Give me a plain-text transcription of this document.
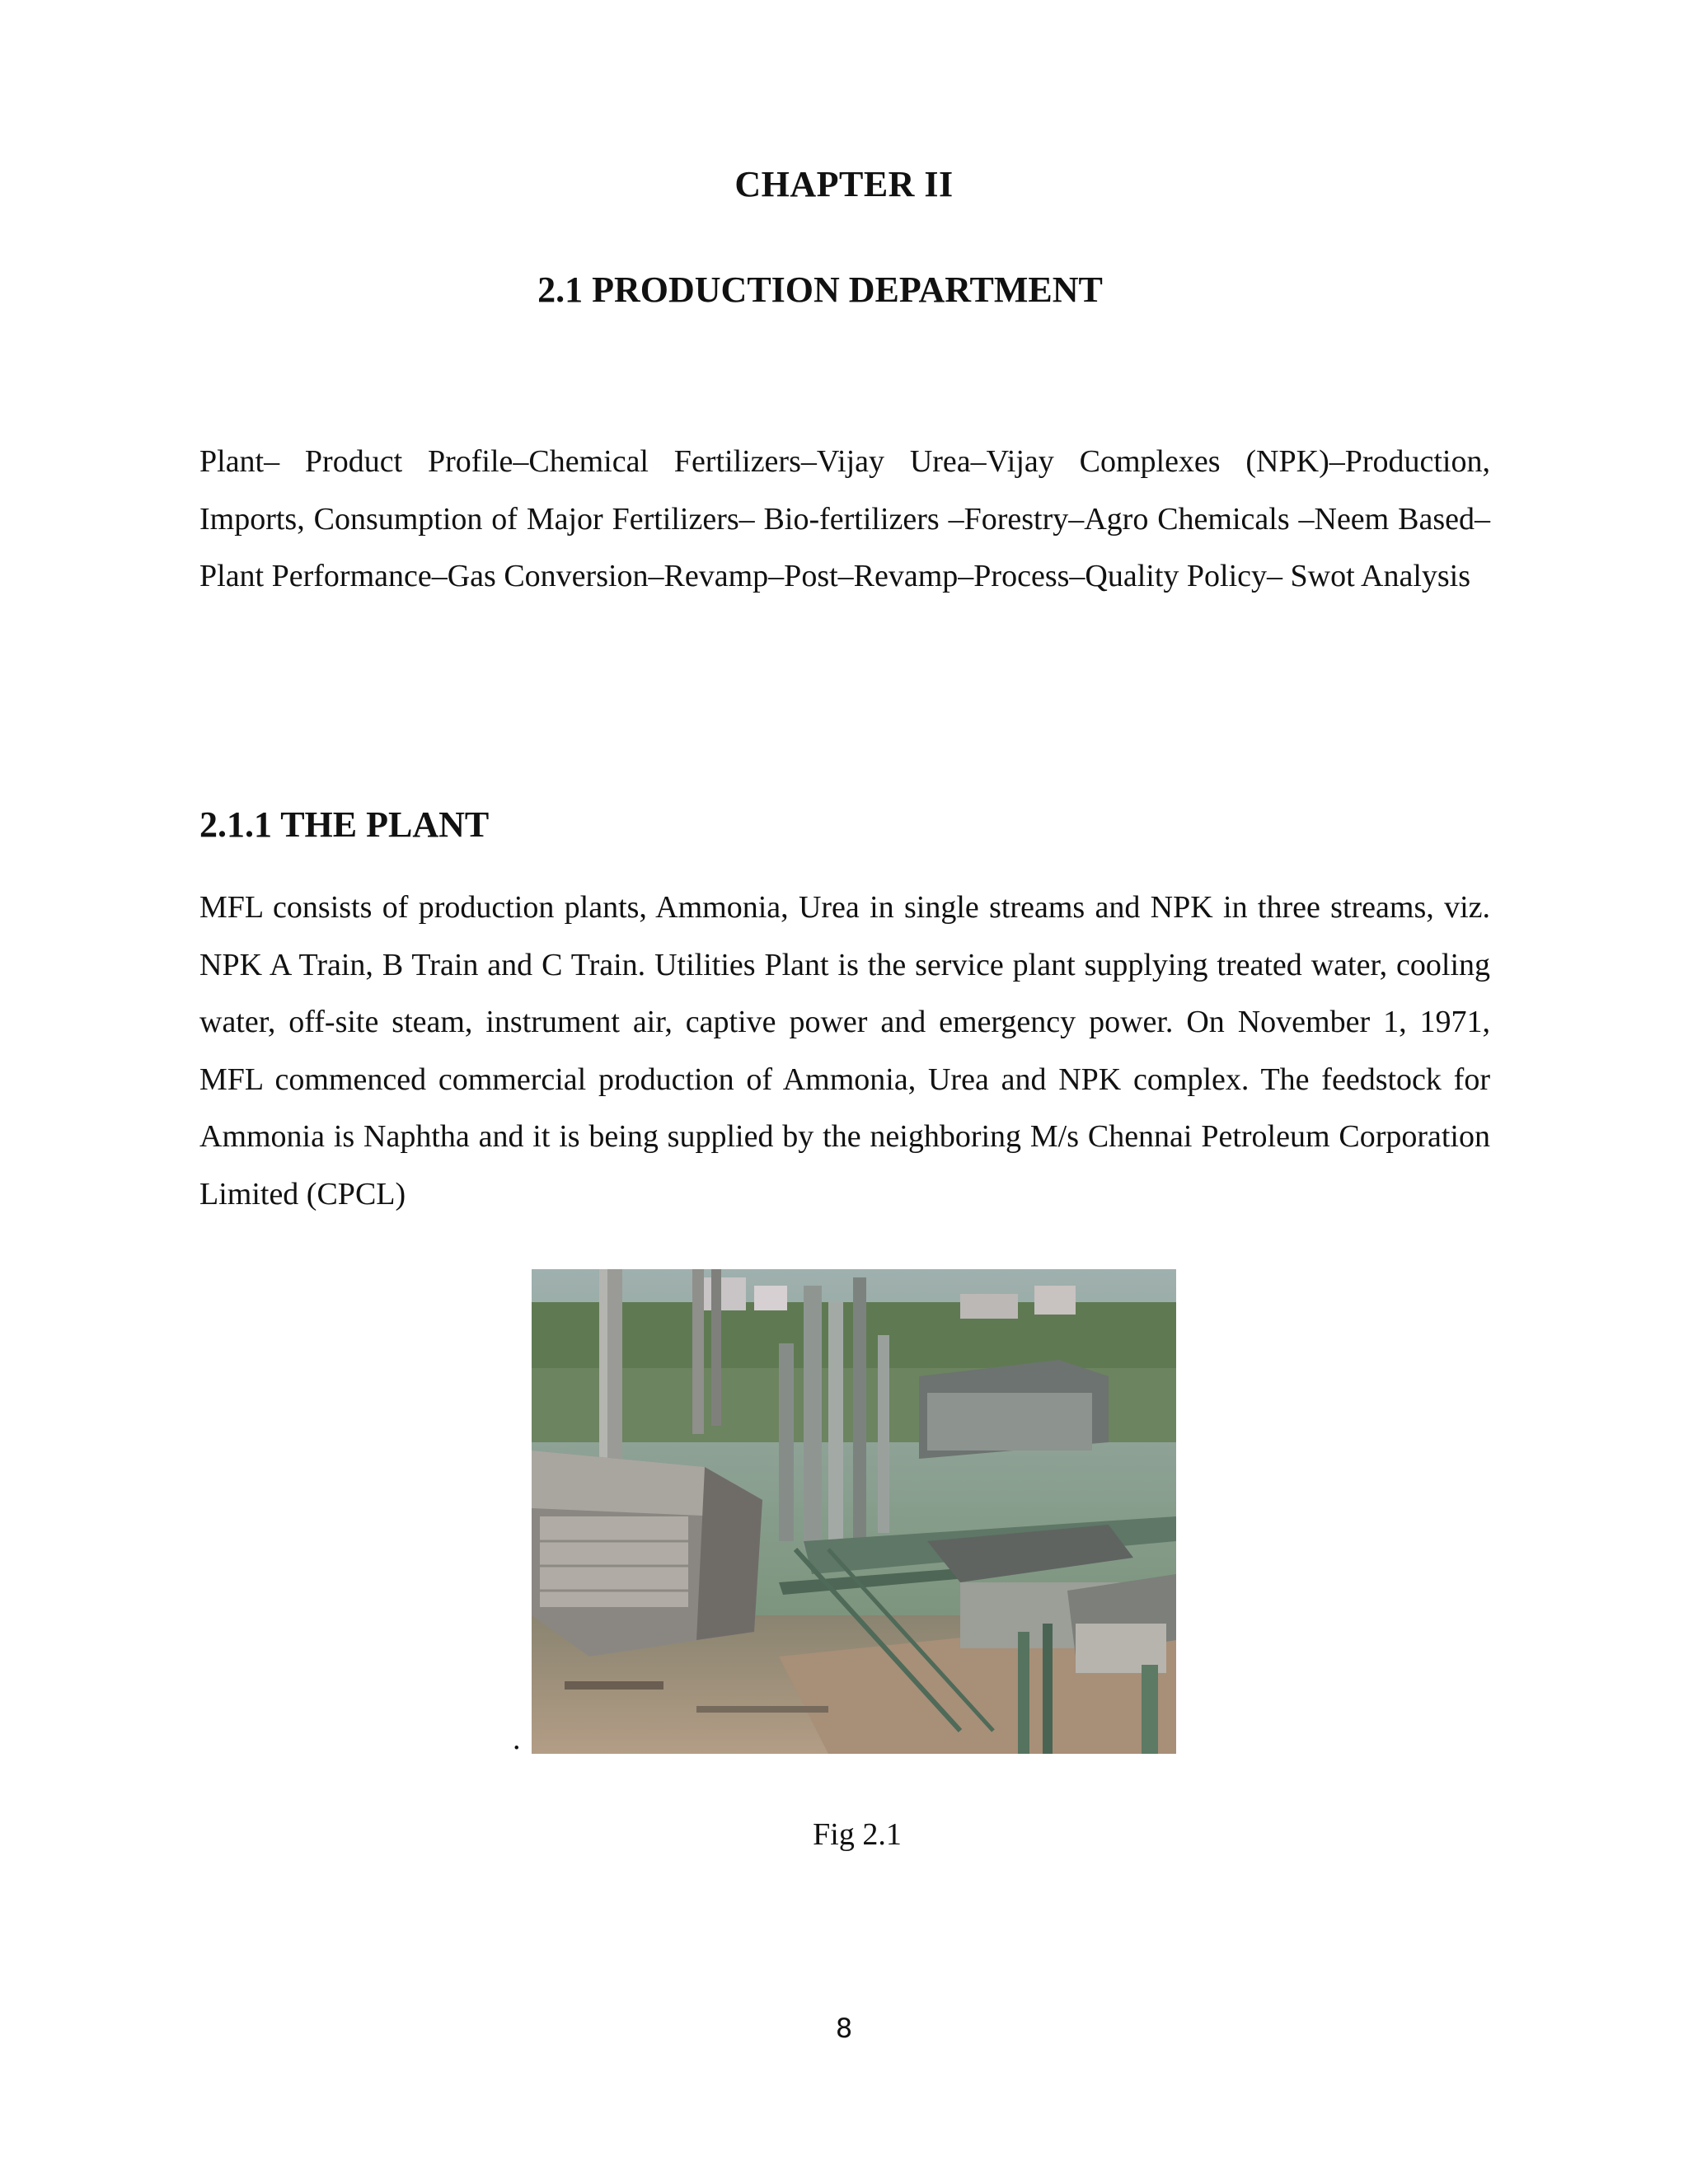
CHAPTER II
2.1 PRODUCTION DEPARTMENT

Plant– Product Profile–Chemical Fertilizers–Vijay Urea–Vijay Complexes (NPK)–Production, Imports, Consumption of Major Fertilizers– Bio-fertilizers –Forestry–Agro Chemicals –Neem Based– Plant Performance–Gas Conversion–Revamp–Post–Revamp–Process–Quality Policy– Swot Analysis

2.1.1 THE PLANT

MFL consists of production plants, Ammonia, Urea in single streams and NPK in three streams, viz. NPK A Train, B Train and C Train. Utilities Plant is the service plant supplying treated water, cooling water, off-site steam, instrument air, captive power and emergency power. On November 1, 1971, MFL commenced commercial production of Ammonia, Urea and NPK complex. The feedstock for Ammonia is Naphtha and it is being supplied by the neighboring M/s Chennai Petroleum Corporation Limited (CPCL)

.
Fig 2.1
8
